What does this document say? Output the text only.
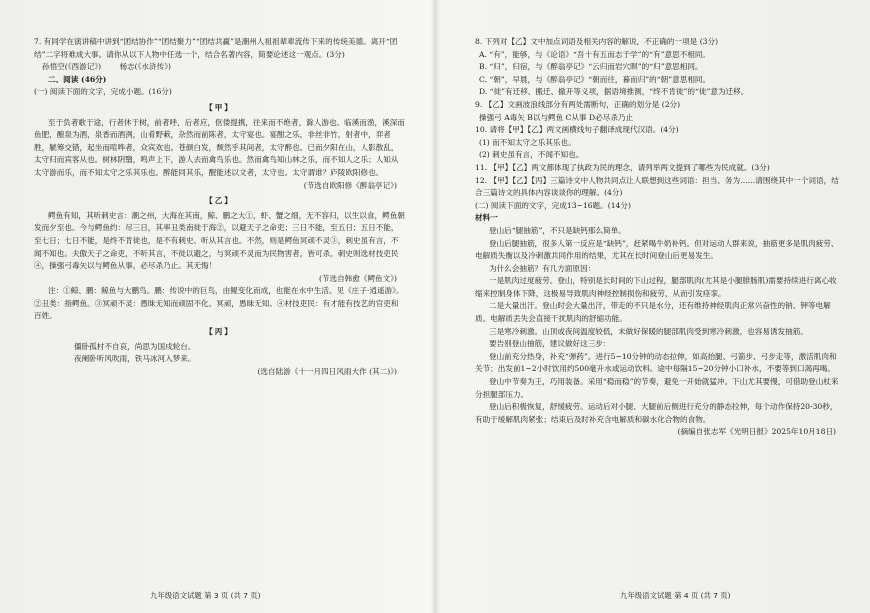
7. 有同学在演讲稿中讲到“团结协作”“团结聚力”“团结共赢”是潮州人祖祖辈辈流传下来的传统美德。离开“团结”二字将难成大事。请你从以下人物中任选一个，结合名著内容，简要论述这一观点。(3分)

孙悟空(《西游记》) 杨志(《水浒传》)

二、阅读 (46分)

(一) 阅读下面的文字，完成小题。(16分)

【甲】

至于负者歌于途，行者休于树，前者呼，后者应，伛偻提携，往来而不绝者，滁人游也。临溪而渔，溪深而鱼肥，酿泉为酒，泉香而酒洌，山肴野蔌，杂然而前陈者，太守宴也。宴酣之乐，非丝非竹，射者中，弈者胜，觥筹交错，起坐而喧哗者，众宾欢也。苍颜白发，颓然乎其间者，太守醉也。已而夕阳在山，人影散乱，太守归而宾客从也。树林阴翳，鸣声上下，游人去而禽鸟乐也。然而禽鸟知山林之乐，而不知人之乐；人知从太守游而乐，而不知太守之乐其乐也。醉能同其乐，醒能述以文者，太守也。太守谓谁？庐陵欧阳修也。

(节选自欧阳修《醉翁亭记》)

【乙】

鳄鱼有知，其听刺史言：潮之州，大海在其南，鲸、鹏之大①，虾、蟹之细，无不容归，以生以食，鳄鱼朝发而夕至也。今与鳄鱼约：尽三日，其率丑类南徙于海②，以避天子之命吏；三日不能，至五日；五日不能，至七日；七日不能，是终不肯徙也，是不有刺史、听从其言也。不然，则是鳄鱼冥顽不灵③，刺史虽有言，不闻不知也。夫傲天子之命吏，不听其言，不徙以避之，与冥顽不灵而为民物害者，皆可杀。刺史则选材技吏民④，操强弓毒矢以与鳄鱼从事，必尽杀乃止。其无悔！

(节选自韩愈《鳄鱼文》)

注：①鲸、鹏：鲸鱼与大鹏鸟。鹏：传说中的巨鸟，由鲲变化而成，也能在水中生活。见《庄子·逍遥游》。②丑类：指鳄鱼。③冥顽不灵：愚昧无知而顽固不化。冥顽，愚昧无知。④材技吏民：有才能有技艺的官吏和百姓。

【丙】

僵卧孤村不自哀，尚思为国戍轮台。

夜阑卧听风吹雨，铁马冰河入梦来。

(选自陆游《十一月四日风雨大作 (其二)》)

九年级语文试题 第 3 页 (共 7 页)

8. 下列对【乙】文中加点词语及相关内容的解说，不正确的一项是 (3分)

A. “有”，能够，与《论语》“吾十有五而志于学”的“有”意思不相同。

B. “归”，归宿，与《醉翁亭记》“云归而岩穴暝”的“归”意思相同。

C. “朝”，早晨，与《醉翁亭记》“朝而往，暮而归”的“朝”意思相同。

D. “徙”有迁移、搬迁、撤开等义项，据语境推测，“终不肯徙”的“徙”意为迁移。

9. 【乙】文画波浪线部分有两处需断句，正确的划分是 (2分)

操强弓 A毒矢 B以与鳄鱼 C从事 D必尽杀乃止

10. 请将【甲】【乙】两文画横线句子翻译成现代汉语。(4分)

(1) 而不知太守之乐其乐也。

(2) 刺史虽有言，不闻不知也。

11. 【甲】【乙】两文都体现了执政为民的理念，请列举两文提到了哪些为民成就。(3分)

12. 【甲】【乙】【丙】三篇诗文中人物共同点让人联想到这些词语：担当、务为……请围绕其中一个词语，结合三篇诗文的具体内容谈谈你的理解。(4分)

(二) 阅读下面的文字，完成13~16题。(14分)

材料一

登山后“腿抽筋”，不只是缺钙那么简单。

登山后腿抽筋，很多人第一反应是“缺钙”，赶紧喝牛奶补钙。但对运动人群来说，抽筋更多是肌肉疲劳、电解质失衡以及冷刺激共同作用的结果，尤其在长时间登山后更易发生。

为什么会抽筋？有几方面原因：

一是肌肉过度疲劳。登山，特别是长时间的下山过程，腿部肌肉(尤其是小腿腓肠肌)需要持续进行离心收缩来控制身体下降，这极易导致肌肉神经控制损伤和疲劳，从而引发痉挛。

二是大量出汗。登山时会大量出汗，带走的不只是水分，还有维持神经肌肉正常兴奋性的钠、钾等电解质。电解质丢失会直接干扰肌肉的舒缩功能。

三是寒冷刺激。山顶或夜间温度较低，未做好保暖的腿部肌肉受到寒冷刺激，也容易诱发抽筋。

要告别登山抽筋，建议做好这三步：

登山前充分热身，补充“弹药”。进行5~10分钟的动态拉伸，如高抬腿、弓箭步、弓步走等，激活肌肉和关节；出发前1~2小时饮用约500毫升水或运动饮料。途中每隔15~20分钟小口补水，不要等到口渴再喝。

登山中节奏为王，巧用装备。采用“稳而稳”的节奏，避免一开始就猛冲。下山尤其要慢，可借助登山杖来分担腿部压力。

登山后积极恢复，舒缓疲劳。运动后对小腿、大腿前后侧进行充分的静态拉伸，每个动作保持20-30秒，有助于缓解肌肉紧张；结束后及时补充含电解质和碳水化合物的食物。

(摘编自张志军《光明日报》2025年10月18日)

九年级语文试题 第 4 页 (共 7 页)
